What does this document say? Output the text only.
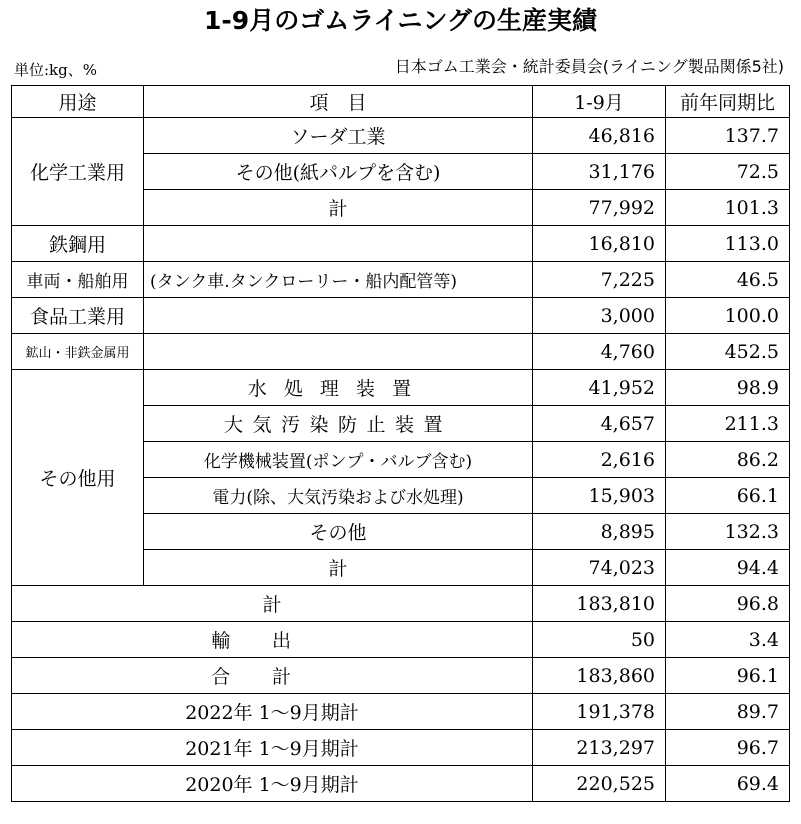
1-9月のゴムライニングの生産実績
単位:kg、%	日本ゴム工業会・統計委員会(ライニング製品関係5社)
用途	項　目	1-9月	前年同期比
化学工業用	ソーダ工業	46,816	137.7
	その他(紙パルプを含む)	31,176	72.5
	計	77,992	101.3
鉄鋼用		16,810	113.0
車両・船舶用	(タンク車.タンクローリー・船内配管等)	7,225	46.5
食品工業用		3,000	100.0
鉱山・非鉄金属用		4,760	452.5
その他用	水処理装置	41,952	98.9
	大気汚染防止装置	4,657	211.3
	化学機械装置(ポンプ・バルブ含む)	2,616	86.2
	電力(除、大気汚染および水処理)	15,903	66.1
	その他	8,895	132.3
	計	74,023	94.4
計		183,810	96.8
輸出		50	3.4
合計		183,860	96.1
2022年 1～9月期計		191,378	89.7
2021年 1～9月期計		213,297	96.7
2020年 1～9月期計		220,525	69.4
